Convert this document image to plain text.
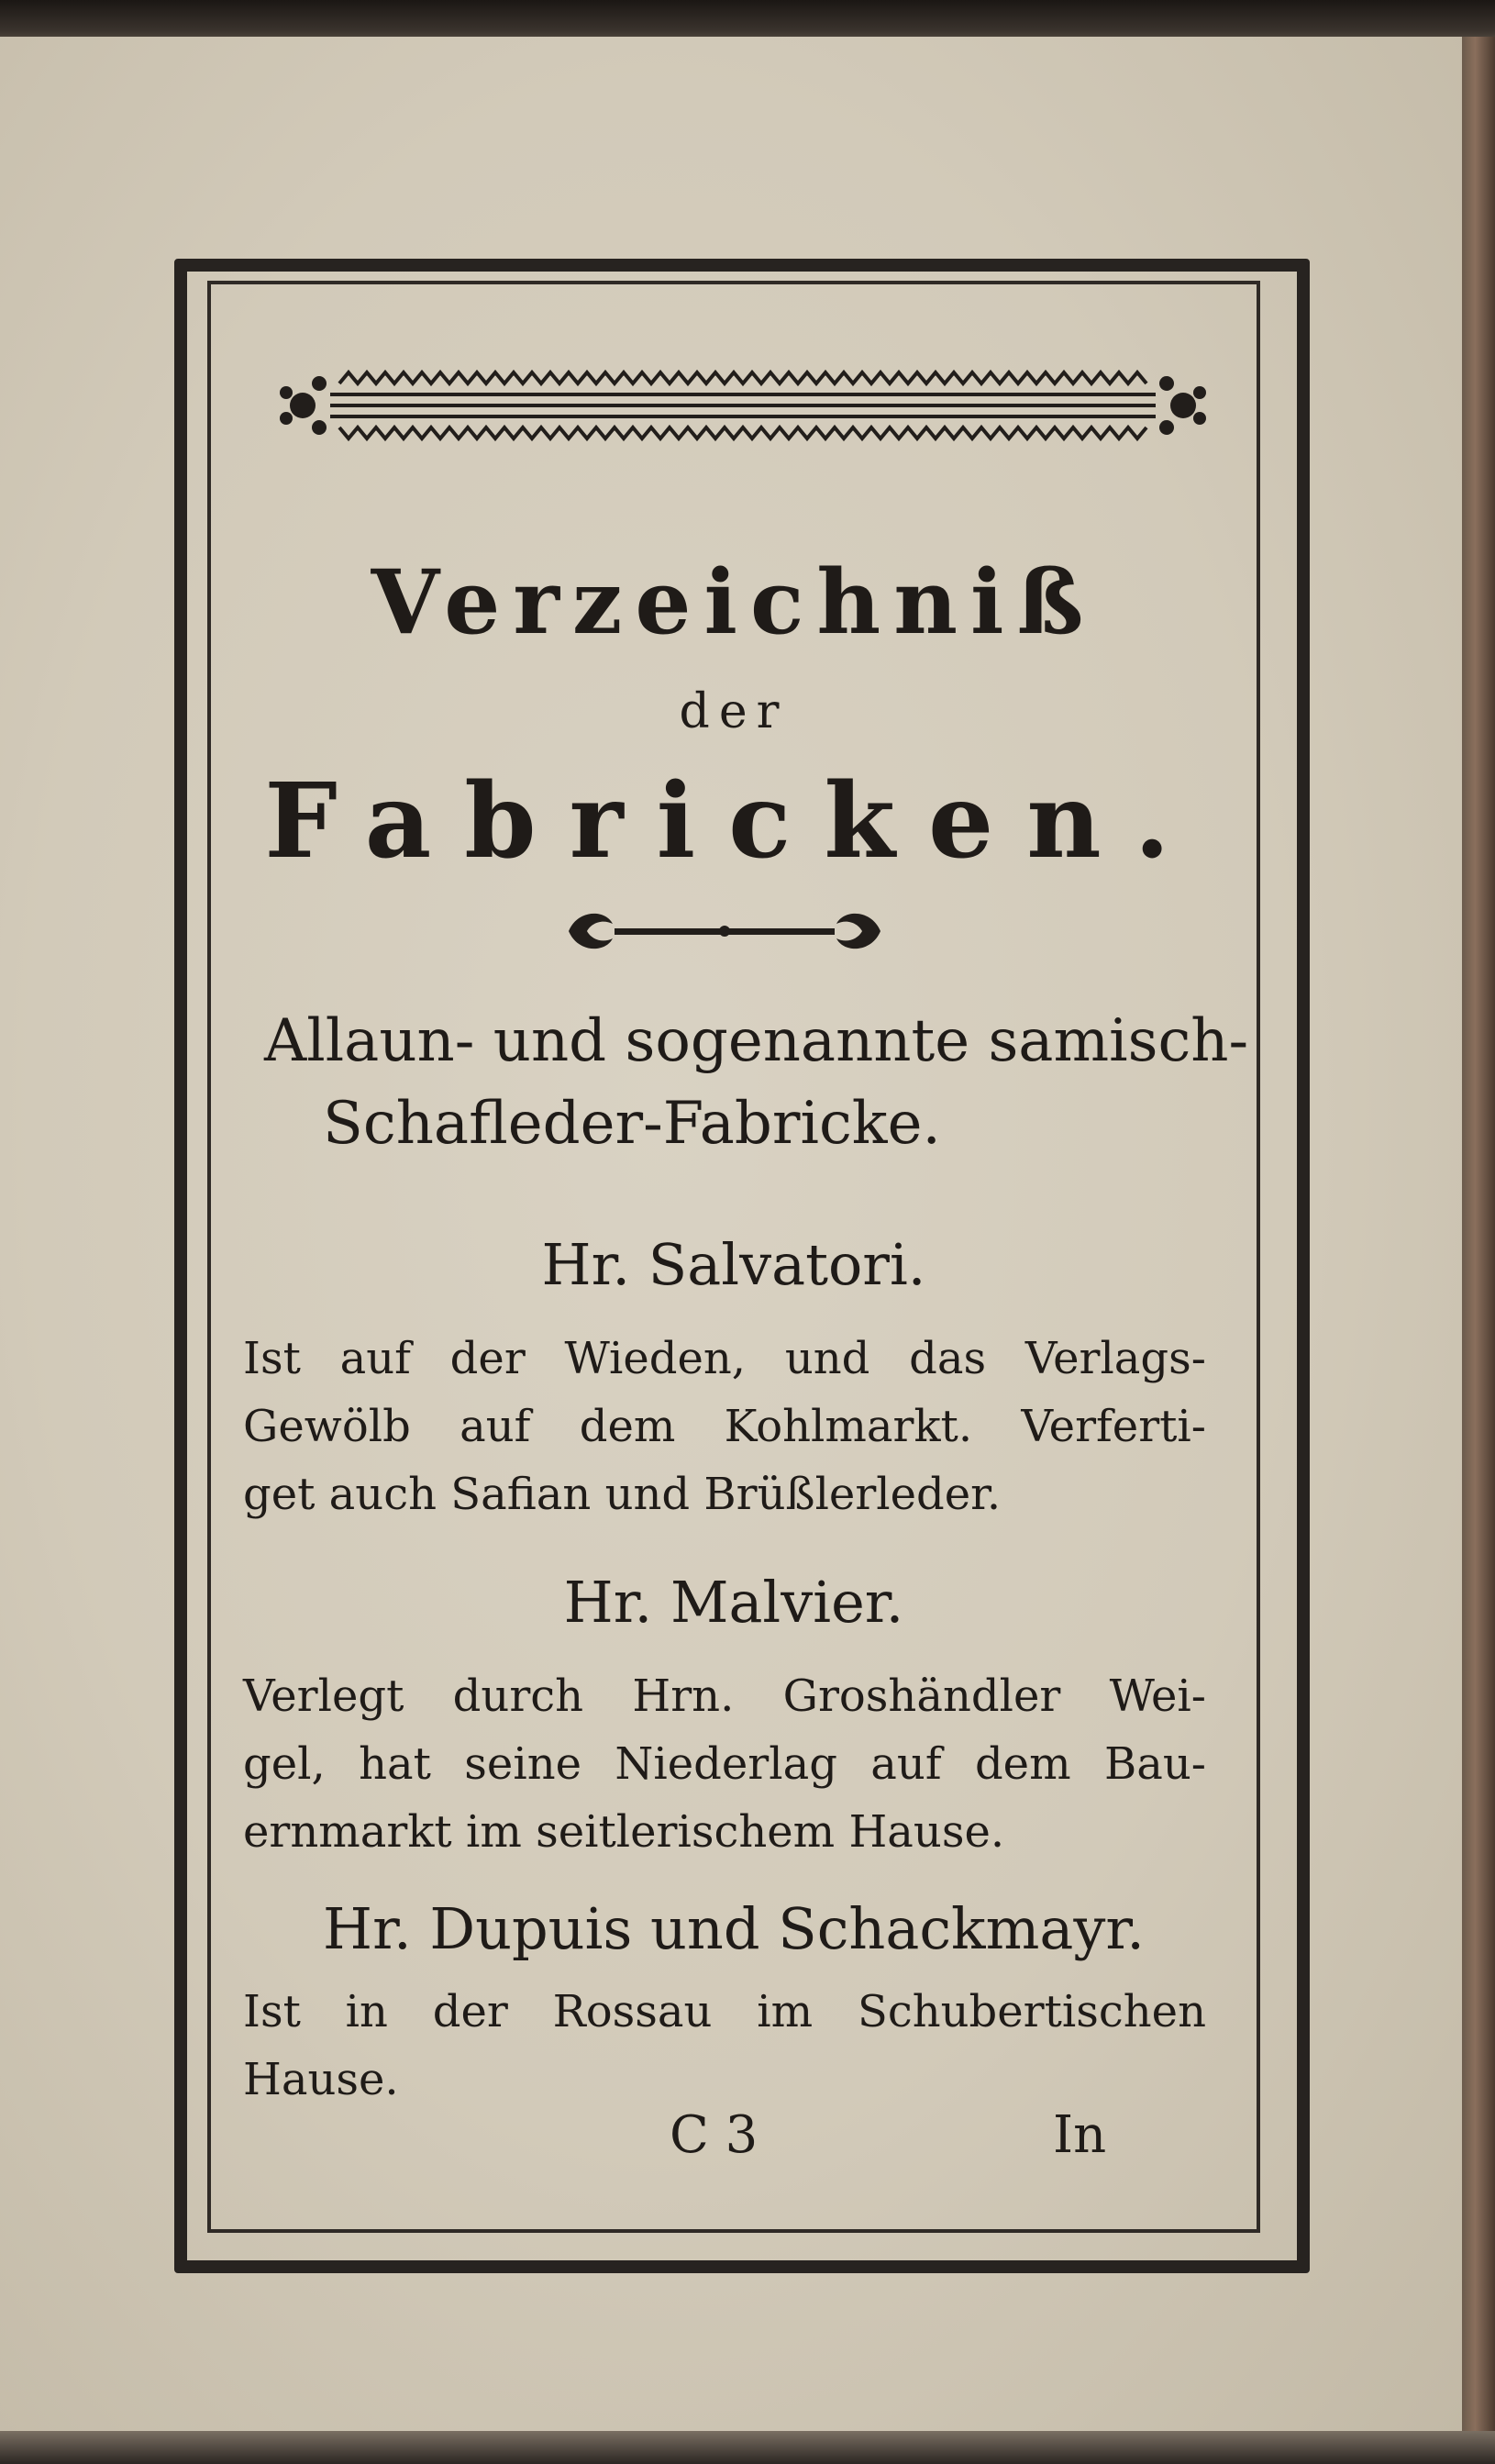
Verzeichniß
der
Fabricken.
Allaun- und sogenannte samisch-
Schafleder-Fabricke.
Hr. Salvatori.
Ist auf der Wieden, und das Verlags-
Gewölb auf dem Kohlmarkt. Verferti-
get auch Safian und Brüßlerleder.
Hr. Malvier.
Verlegt durch Hrn. Groshändler Wei-
gel, hat seine Niederlag auf dem Bau-
ernmarkt im seitlerischem Hause.
Hr. Dupuis und Schackmayr.
Ist in der Rossau im Schubertischen
Hause.
C 3	In
